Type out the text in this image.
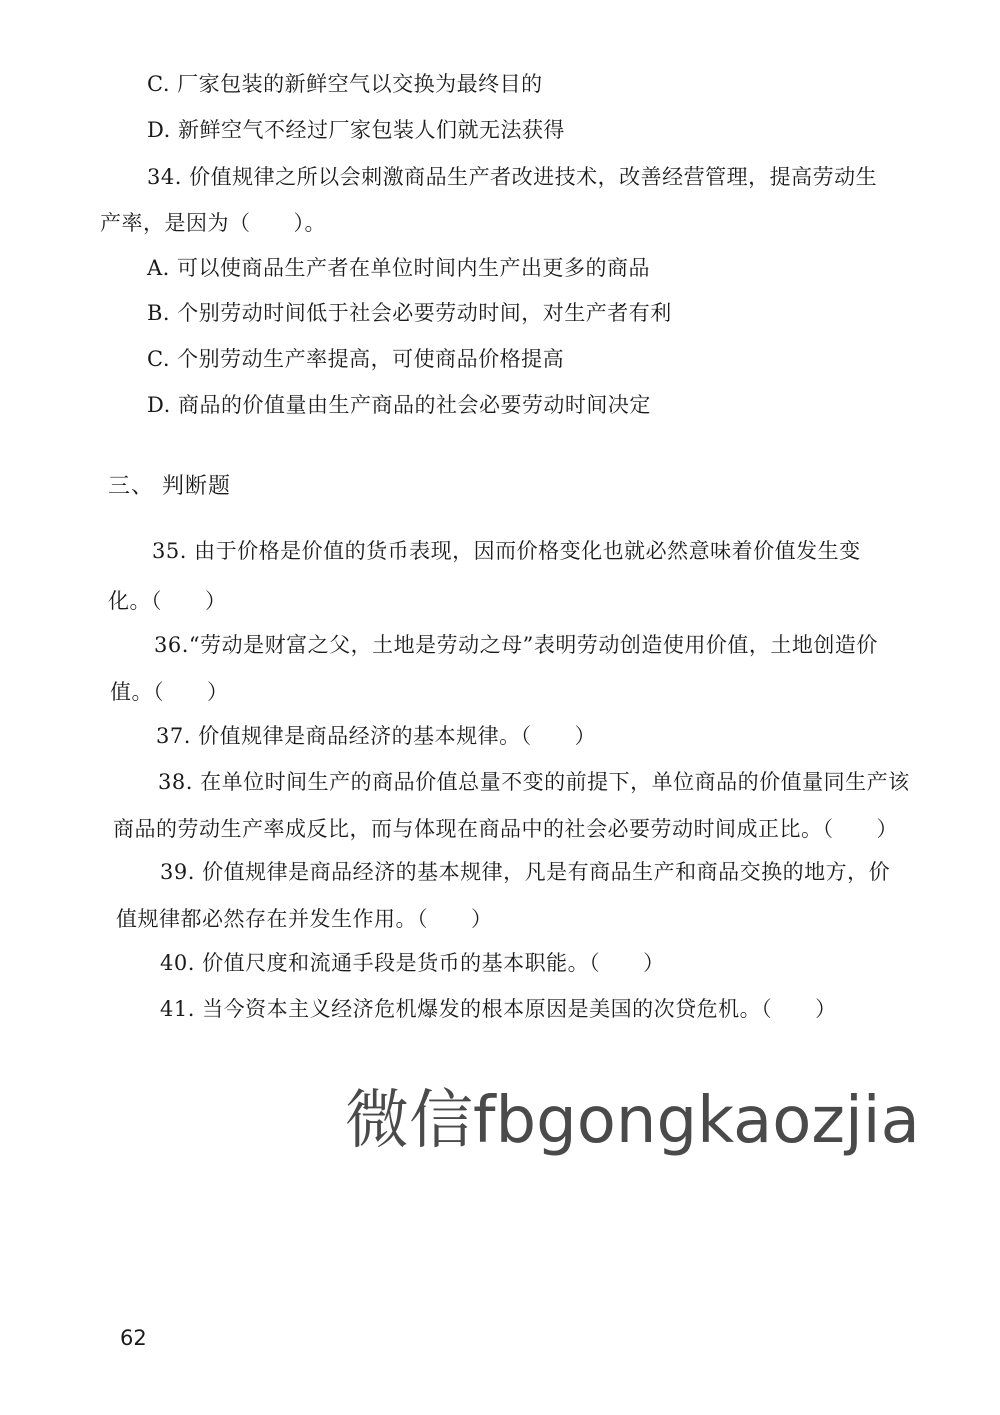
C. 厂家包装的新鲜空气以交换为最终目的
D. 新鲜空气不经过厂家包装人们就无法获得
34. 价值规律之所以会刺激商品生产者改进技术，改善经营管理，提高劳动生
产率，是因为（　　）。
A. 可以使商品生产者在单位时间内生产出更多的商品
B. 个别劳动时间低于社会必要劳动时间，对生产者有利
C. 个别劳动生产率提高，可使商品价格提高
D. 商品的价值量由生产商品的社会必要劳动时间决定
三、 判断题
35. 由于价格是价值的货币表现，因而价格变化也就必然意味着价值发生变
化。（　　）
36.“劳动是财富之父，土地是劳动之母”表明劳动创造使用价值，土地创造价
值。（　　）
37. 价值规律是商品经济的基本规律。（　　）
38. 在单位时间生产的商品价值总量不变的前提下，单位商品的价值量同生产该
商品的劳动生产率成反比，而与体现在商品中的社会必要劳动时间成正比。（　　）
39. 价值规律是商品经济的基本规律，凡是有商品生产和商品交换的地方，价
值规律都必然存在并发生作用。（　　）
40. 价值尺度和流通手段是货币的基本职能。（　　）
41. 当今资本主义经济危机爆发的根本原因是美国的次贷危机。（　　）
微信fbgongkaozjia
62
